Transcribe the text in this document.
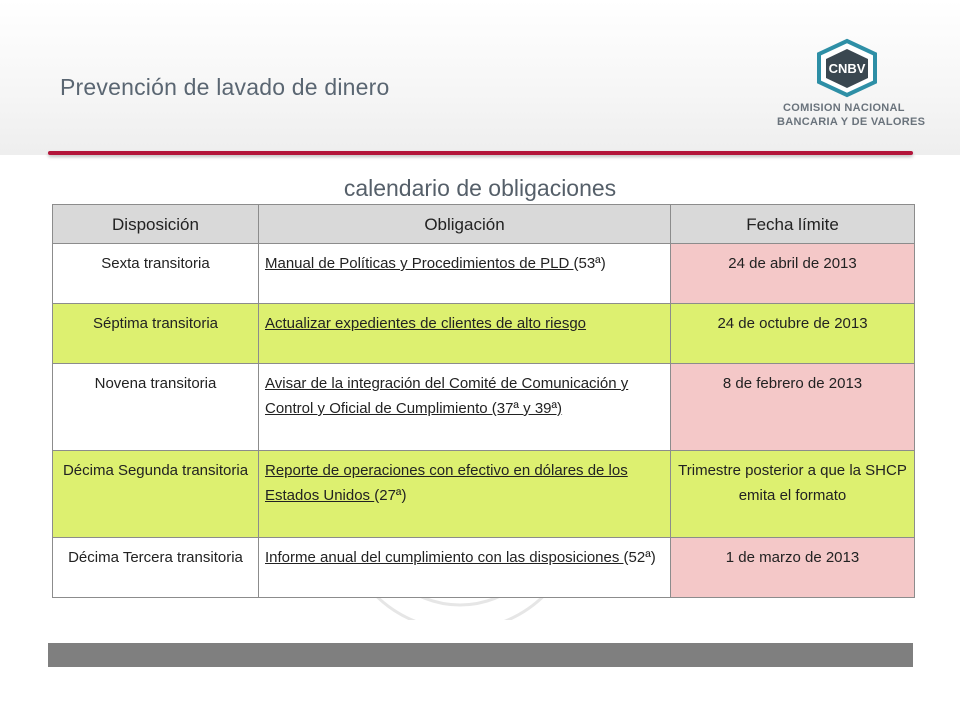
Prevención de lavado de dinero
CNBV
COMISION NACIONAL
BANCARIA Y DE VALORES
calendario de obligaciones
Disposición	Obligación	Fecha límite
Sexta transitoria	Manual de Políticas y Procedimientos de PLD (53ª)	24 de abril de 2013
Séptima transitoria	Actualizar expedientes de clientes de alto riesgo	24 de octubre de 2013
Novena transitoria	Avisar de la integración del Comité de Comunicación y Control y Oficial de Cumplimiento (37ª y 39ª)	8 de febrero de 2013
Décima Segunda transitoria	Reporte de operaciones con efectivo en dólares de los Estados Unidos (27ª)	Trimestre posterior a que la SHCP emita el formato
Décima Tercera transitoria	Informe anual del cumplimiento con las disposiciones (52ª)	1 de marzo de 2013
